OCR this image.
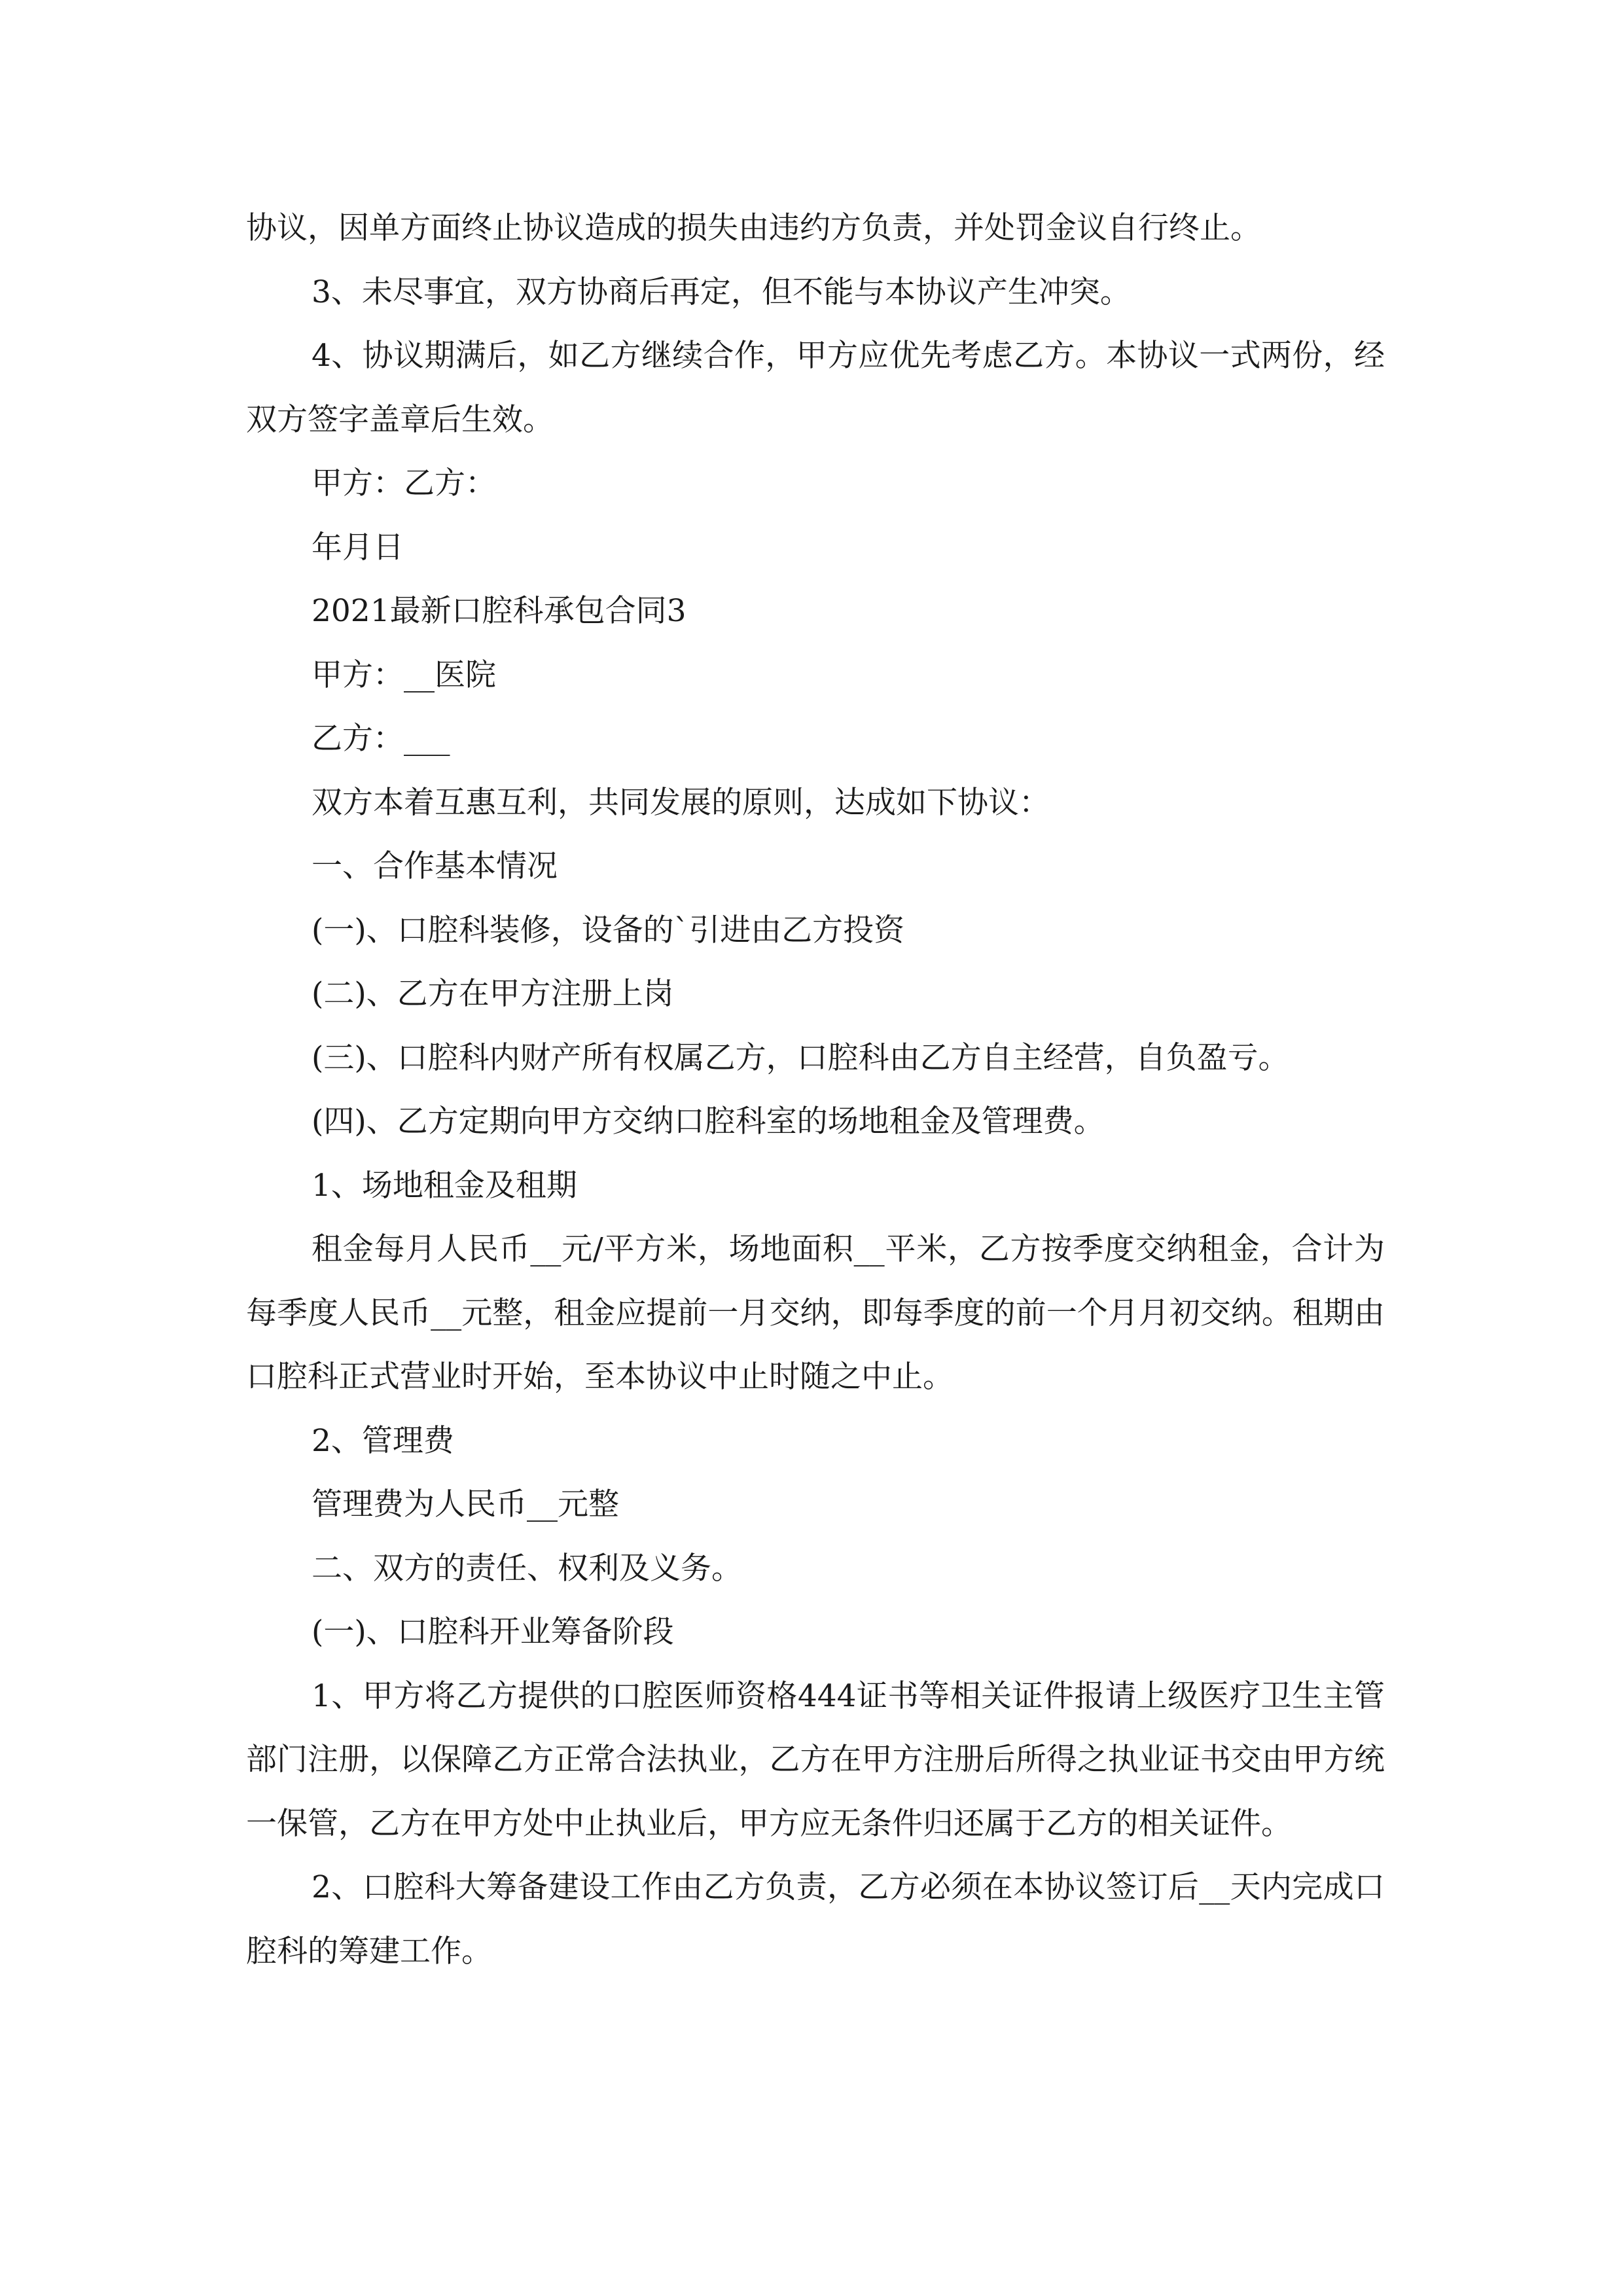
协议，因单方面终止协议造成的损失由违约方负责，并处罚金议自行终止。

3、未尽事宜，双方协商后再定，但不能与本协议产生冲突。

4、协议期满后，如乙方继续合作，甲方应优先考虑乙方。本协议一式两份，经双方签字盖章后生效。

甲方：乙方：

年月日

2021最新口腔科承包合同3

甲方：__医院

乙方：___

双方本着互惠互利，共同发展的原则，达成如下协议：

一、合作基本情况

(一)、口腔科装修，设备的`引进由乙方投资

(二)、乙方在甲方注册上岗

(三)、口腔科内财产所有权属乙方，口腔科由乙方自主经营，自负盈亏。

(四)、乙方定期向甲方交纳口腔科室的场地租金及管理费。

1、场地租金及租期

租金每月人民币__元/平方米，场地面积__平米，乙方按季度交纳租金，合计为每季度人民币__元整，租金应提前一月交纳，即每季度的前一个月月初交纳。租期由口腔科正式营业时开始，至本协议中止时随之中止。

2、管理费

管理费为人民币__元整

二、双方的责任、权利及义务。

(一)、口腔科开业筹备阶段

1、甲方将乙方提供的口腔医师资格444证书等相关证件报请上级医疗卫生主管部门注册，以保障乙方正常合法执业，乙方在甲方注册后所得之执业证书交由甲方统一保管，乙方在甲方处中止执业后，甲方应无条件归还属于乙方的相关证件。

2、口腔科大筹备建设工作由乙方负责，乙方必须在本协议签订后__天内完成口腔科的筹建工作。
